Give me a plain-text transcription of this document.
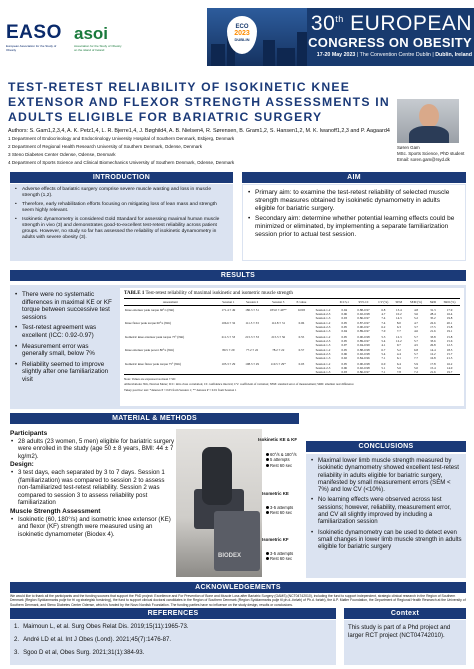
EASO
European Association for the Study of Obesity
asoi
Association for the Study of Obesity on the island of Ireland
ECO
2023
DUBLIN
30th EUROPEAN
CONGRESS ON OBESITY
17-20 May 2023 | The Convention Centre Dublin | Dublin, Ireland
TEST-RETEST RELIABILITY OF ISOKINETIC KNEE EXTENSOR AND FLEXOR STRENGTH ASSESSMENTS IN ADULTS ELIGIBLE FOR BARIATRIC SURGERY
Authors: S. Gam1,2,3,4, A. K. Petz1,4, L. R. Bjerre1,4, J. Bøghild4, A. B. Nielsen4, R. Sørensen, B. Gram1,2, S. Hansen1,2, M. K. Iwanoff1,2,3 and P. Aagaard4
1 Department of Endocrinology and Endocrinology University Hospital of Southern Denmark, Esbjerg, Denmark
2 Department of Regional Health Research University of Southern Denmark, Odense, Denmark
3 Steno Diabetes Center Odense, Odense, Denmark
4 Department of Sports Science and Clinical Biomechanics University of Southern Denmark, Odense, Denmark
Søren Gam
MSc. Sports Science, PhD student
Email: soren.gam@rsyd.dk
INTRODUCTION
• Adverse effects of bariatric surgery comprise severe muscle wasting and loss in muscle strength (1,2).
• Therefore, early rehabilitation efforts focusing on mitigating loss of lean mass and strength seem highly relevant.
• Isokinetic dynamometry is considered Gold Standard for assessing maximal human muscle strength in vivo (3) and demonstrates good-to-excellent test-retest reliability across patient groups. However, no study so far has assessed the reliability of isokinetic dynamometry in adults with severe obesity (3).
AIM
• Primary aim: to examine the test-retest reliability of selected muscle strength measures obtained by isokinetic dynamometry in adults eligible for bariatric surgery.
• Secondary aim: determine whether potential learning effects could be minimized or eliminated, by implementing a separate familiarization session prior to actual test session.
RESULTS
• There were no systematic differences in maximal KE or KF torque between successive test sessions
• Test-retest agreement was excellent (ICC: 0.92-0.97)
• Measurement error was generally small, below 7%
• Reliability seemed to improve slightly after one familiarization visit
TABLE 1 Test-retest reliability of maximal isokinetic and isometric muscle strength
Assessment	Session 1	Session 2	Session 3	P-value		ICC3,1	95% CI	CV (%)	SEM	SEM (%)	SRD	SRD (%)
Knee extensor peak torque 60°/s (Nm)	171.4 ± 49	180.3 ± 51	183.0 ± 49**	0.003	Session 1-2	0.94	0.88-0.97	6.8	13.4	4.8	31.3	17.9
					Session 2-3	0.96	0.92-0.98	4.7	10.2	3.6	28.4	16.4
					Session 1-3	0.93	0.86-0.97	7.4	14.3	5.2	35.2	19.8
Knee flexor peak torque 60°/s (Nm)	106.6 ± 32	111.5 ± 33	112.8 ± 31	0.06	Session 1-2	0.95	0.87-0.97	7.4	8.0	4.7	22.6	20.1
					Session 2-3	0.95	0.90-0.97	6.2	6.3	3.7	17.5	15.8
					Session 1-3	0.94	0.89-0.97	7.0	7.7	4.6	21.6	19.1
Isometric knee extensor peak torque 75° (Nm)	211.5 ± 53	215.3 ± 53	215.5 ± 56	0.55	Session 1-2	0.95	0.90-0.98	5.3	12.3	5.7	33.8	15.8
					Session 2-3	0.95	0.89-0.97	5.4	12.2	5.7	33.6	15.6
					Session 1-3	0.97	0.94-0.99	4.1	9.7	4.5	26.8	12.5
Knee extensor peak power 80°/s (Nm)	80.5 ± 29	77.2 ± 22	78.2 ± 22	0.57	Session 1-2	0.95	0.88-0.98	6.7	5.2	6.8	14.4	18.5
					Session 2-3	0.96	0.92-0.98	5.4	4.4	5.7	12.2	15.7
					Session 1-3	0.92	0.84-0.96	7.1	6.1	7.7	16.8	21.5
Isometric knee flexor peak torque 75° (Nm)	105.3 ± 29	108.3 ± 29	110.5 ± 29*	0.03	Session 1-2	0.95	0.90-0.98	6.0	6.4	5.9	17.8	16.2
					Session 2-3	0.96	0.92-0.98	5.1	5.6	5.0	15.4	14.0
					Session 1-3	0.93	0.86-0.97	7.1	7.8	7.2	21.6	19.7
Note: Values are expressed as mean ± SD
Abbreviations: Nm, Newton Meter; ICC: intra class correlation; CI: confidence interval; CV: coefficient of variation; SEM: standard error of measurement; SRD: smallest real difference
Tukey post hoc test: *denotes P < 0.05 from Session 1; ** denotes P < 0.01 from Session 1
MATERIAL & METHODS
Participants
• 28 adults (23 women, 5 men) eligible for bariatric surgery were enrolled in the study (age 50 ± 8 years, BMI: 44 ± 7 kg/m2).
Design:
• 3 test days, each separated by 3 to 7 days. Session 1 (familiarization) was compared to session 2 to assess non-familiarized test-retest reliability. Session 2 was compared to session 3 to assess reliability post familiarization
Muscle Strength Assessment
• Isokinetic (60, 180°/s) and isometric knee extensor (KE) and flexor (KF) strength were measured using an isokinetic dynamometer (Biodex 4).
BIODEX
Isokinetic KE & KF
60°/s & 180°/s
5 attempts
Rest 60 sec
Isometric KE
3-5 attempts
Rest 60 sec
Isometric KF
3-5 attempts
Rest 60 sec
CONCLUSIONS
• Maximal lower limb muscle strength measured by isokinetic dynamometry showed excellent test-retest reliability in adults eligible for bariatric surgery, manifested by small measurement errors (SEM < 7%) and low CV (<10%).
• No learning effects were observed across test sessions; however, reliability, measurement error, and CV all slightly improved by including a familiarization session
• Isokinetic dynamometry can be used to detect even small changes in lower limb muscle strength in adults eligible for bariatric surgery
ACKNOWLEDGEMENTS
We would like to thank all the participants and the funding sources that support the PhD project: Excellence and For Prevention of Bone and Muscle Loss after Bariatric Surgery (GAMS) (NCT04742010), including the fund to support independent, strategic clinical research in the Region of Southern Denmark (Region Syddanmarks pulje for fri og strategisk forskning), the fund to support clinical doctoral candidates in the Region of Southern Denmark (Region Syddanmarks pulje til ph.d.-forløb) of Ph.d. forløb), the A.P. Møller Foundation, the Department of Regional Health Research at the University of Southern Denmark, and Steno Diabetes Center Odense, which is funded by the Novo Nordisk Foundation. The funding parties have no influence on the study design, results or conclusions.
REFERENCES
1. Maimoun L, et al. Surg Obes Relat Dis. 2019;15(11):1965-73.
2. André LD et al. Int J Obes (Lond). 2021;45(7):1476-87.
3. Sgoo D et al, Obes Surg. 2021;31(1):384-93.
Context
This study is part of a Phd project and larger RCT project (NCT04742010).
